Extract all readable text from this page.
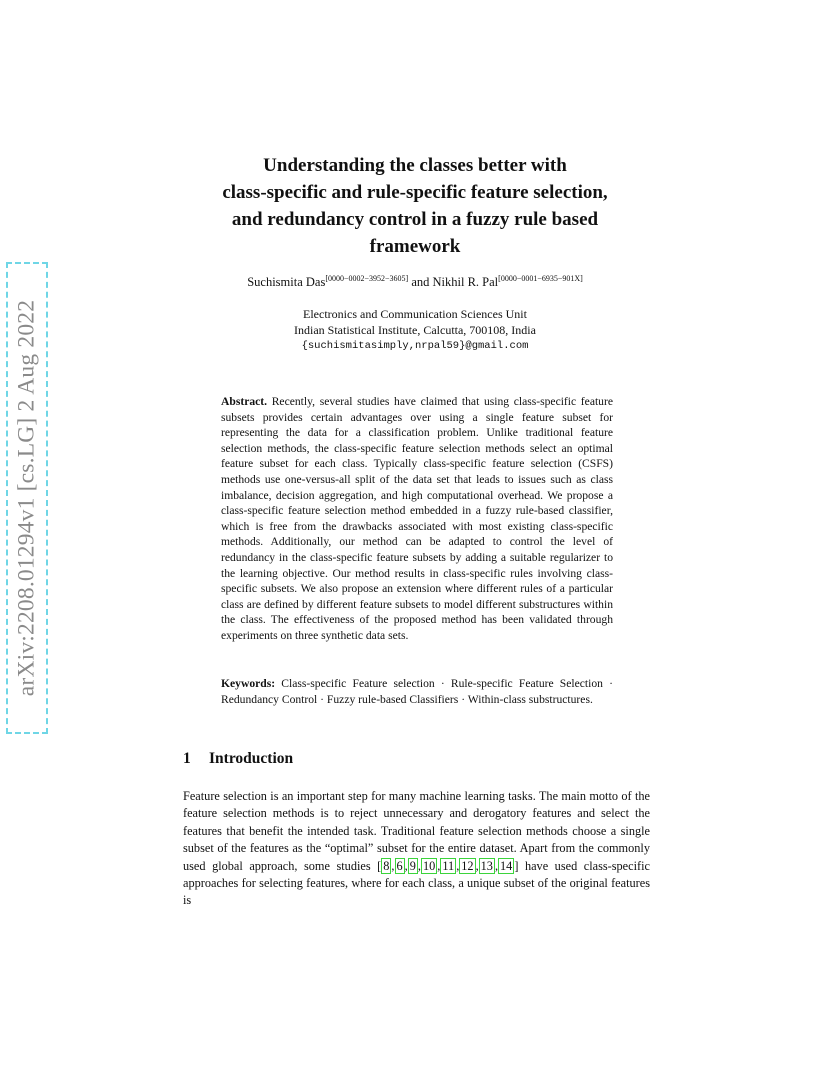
arXiv:2208.01294v1 [cs.LG] 2 Aug 2022
Understanding the classes better with
class-specific and rule-specific feature selection,
and redundancy control in a fuzzy rule based
framework
Suchismita Das[0000−0002−3952−3605] and Nikhil R. Pal[0000−0001−6935−901X]
Electronics and Communication Sciences Unit
Indian Statistical Institute, Calcutta, 700108, India
{suchismitasimply,nrpal59}@gmail.com
Abstract. Recently, several studies have claimed that using class-specific feature subsets provides certain advantages over using a single feature subset for representing the data for a classification problem. Unlike traditional feature selection methods, the class-specific feature selection methods select an optimal feature subset for each class. Typically class-specific feature selection (CSFS) methods use one-versus-all split of the data set that leads to issues such as class imbalance, decision aggregation, and high computational overhead. We propose a class-specific feature selection method embedded in a fuzzy rule-based classifier, which is free from the drawbacks associated with most existing class-specific methods. Additionally, our method can be adapted to control the level of redundancy in the class-specific feature subsets by adding a suitable regularizer to the learning objective. Our method results in class-specific rules involving class-specific subsets. We also propose an extension where different rules of a particular class are defined by different feature subsets to model different substructures within the class. The effectiveness of the proposed method has been validated through experiments on three synthetic data sets.
Keywords: Class-specific Feature selection · Rule-specific Feature Selection · Redundancy Control · Fuzzy rule-based Classifiers · Within-class substructures.
1 Introduction
Feature selection is an important step for many machine learning tasks. The main motto of the feature selection methods is to reject unnecessary and derogatory features and select the features that benefit the intended task. Traditional feature selection methods choose a single subset of the features as the “optimal” subset for the entire dataset. Apart from the commonly used global approach, some studies [ 8 , 6 , 9 , 10 , 11 , 12 , 13 , 14 ] have used class-specific approaches for selecting features, where for each class, a unique subset of the original features is
